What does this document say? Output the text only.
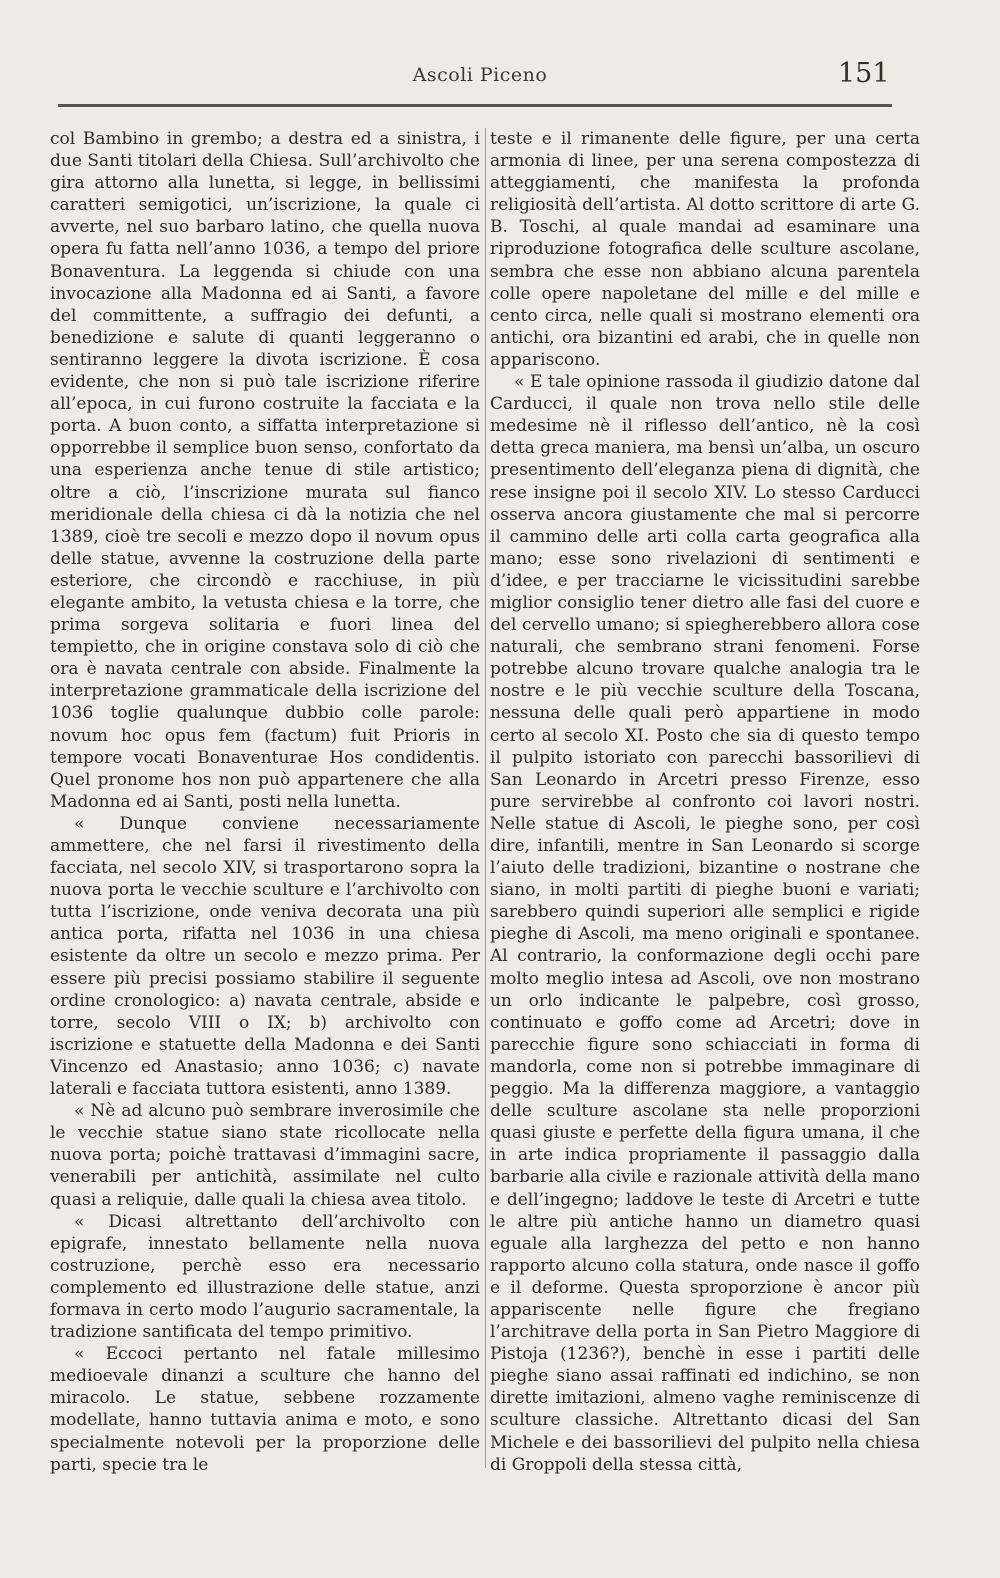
Ascoli Piceno	151

col Bambino in grembo; a destra ed a sinistra, i due Santi titolari della Chiesa. Sull’archivolto che gira attorno alla lunetta, si legge, in bellissimi caratteri semigotici, un’iscrizione, la quale ci avverte, nel suo barbaro latino, che quella nuova opera fu fatta nell’anno 1036, a tempo del priore Bonaventura. La leggenda si chiude con una invocazione alla Madonna ed ai Santi, a favore del committente, a suffragio dei defunti, a benedizione e salute di quanti leggeranno o sentiranno leggere la divota iscrizione. È cosa evidente, che non si può tale iscrizione riferire all’epoca, in cui furono costruite la facciata e la porta. A buon conto, a siffatta interpretazione si opporrebbe il semplice buon senso, confortato da una esperienza anche tenue di stile artistico; oltre a ciò, l’inscrizione murata sul fianco meridionale della chiesa ci dà la notizia che nel 1389, cioè tre secoli e mezzo dopo il novum opus delle statue, avvenne la costruzione della parte esteriore, che circondò e racchiuse, in più elegante ambito, la vetusta chiesa e la torre, che prima sorgeva solitaria e fuori linea del tempietto, che in origine constava solo di ciò che ora è navata centrale con abside. Finalmente la interpretazione grammaticale della iscrizione del 1036 toglie qualunque dubbio colle parole: novum hoc opus fem (factum) fuit Prioris in tempore vocati Bonaventurae Hos condidentis. Quel pronome hos non può appartenere che alla Madonna ed ai Santi, posti nella lunetta.

« Dunque conviene necessariamente ammettere, che nel farsi il rivestimento della facciata, nel secolo XIV, si trasportarono sopra la nuova porta le vecchie sculture e l’archivolto con tutta l’iscrizione, onde veniva decorata una più antica porta, rifatta nel 1036 in una chiesa esistente da oltre un secolo e mezzo prima. Per essere più precisi possiamo stabilire il seguente ordine cronologico: a) navata centrale, abside e torre, secolo VIII o IX; b) archivolto con iscrizione e statuette della Madonna e dei Santi Vincenzo ed Anastasio; anno 1036; c) navate laterali e facciata tuttora esistenti, anno 1389.

« Nè ad alcuno può sembrare inverosimile che le vecchie statue siano state ricollocate nella nuova porta; poichè trattavasi d’immagini sacre, venerabili per antichità, assimilate nel culto quasi a reliquie, dalle quali la chiesa avea titolo.

« Dicasi altrettanto dell’archivolto con epigrafe, innestato bellamente nella nuova costruzione, perchè esso era necessario complemento ed illustrazione delle statue, anzi formava in certo modo l’augurio sacramentale, la tradizione santificata del tempo primitivo.

« Eccoci pertanto nel fatale millesimo medioevale dinanzi a sculture che hanno del miracolo. Le statue, sebbene rozzamente modellate, hanno tuttavia anima e moto, e sono specialmente notevoli per la proporzione delle parti, specie tra le

teste e il rimanente delle figure, per una certa armonia di linee, per una serena compostezza di atteggiamenti, che manifesta la profonda religiosità dell’artista. Al dotto scrittore di arte G. B. Toschi, al quale mandai ad esaminare una riproduzione fotografica delle sculture ascolane, sembra che esse non abbiano alcuna parentela colle opere napoletane del mille e del mille e cento circa, nelle quali si mostrano elementi ora antichi, ora bizantini ed arabi, che in quelle non appariscono.

« E tale opinione rassoda il giudizio datone dal Carducci, il quale non trova nello stile delle medesime nè il riflesso dell’antico, nè la così detta greca maniera, ma bensì un’alba, un oscuro presentimento dell’eleganza piena di dignità, che rese insigne poi il secolo XIV. Lo stesso Carducci osserva ancora giustamente che mal si percorre il cammino delle arti colla carta geografica alla mano; esse sono rivelazioni di sentimenti e d’idee, e per tracciarne le vicissitudini sarebbe miglior consiglio tener dietro alle fasi del cuore e del cervello umano; si spiegherebbero allora cose naturali, che sembrano strani fenomeni. Forse potrebbe alcuno trovare qualche analogia tra le nostre e le più vecchie sculture della Toscana, nessuna delle quali però appartiene in modo certo al secolo XI. Posto che sia di questo tempo il pulpito istoriato con parecchi bassorilievi di San Leonardo in Arcetri presso Firenze, esso pure servirebbe al confronto coi lavori nostri. Nelle statue di Ascoli, le pieghe sono, per così dire, infantili, mentre in San Leonardo si scorge l’aiuto delle tradizioni, bizantine o nostrane che siano, in molti partiti di pieghe buoni e variati; sarebbero quindi superiori alle semplici e rigide pieghe di Ascoli, ma meno originali e spontanee. Al contrario, la conformazione degli occhi pare molto meglio intesa ad Ascoli, ove non mostrano un orlo indicante le palpebre, così grosso, continuato e goffo come ad Arcetri; dove in parecchie figure sono schiacciati in forma di mandorla, come non si potrebbe immaginare di peggio. Ma la differenza maggiore, a vantaggio delle sculture ascolane sta nelle proporzioni quasi giuste e perfette della figura umana, il che in arte indica propriamente il passaggio dalla barbarie alla civile e razionale attività della mano e dell’ingegno; laddove le teste di Arcetri e tutte le altre più antiche hanno un diametro quasi eguale alla larghezza del petto e non hanno rapporto alcuno colla statura, onde nasce il goffo e il deforme. Questa sproporzione è ancor più appariscente nelle figure che fregiano l’architrave della porta in San Pietro Maggiore di Pistoja (1236?), benchè in esse i partiti delle pieghe siano assai raffinati ed indichino, se non dirette imitazioni, almeno vaghe reminiscenze di sculture classiche. Altrettanto dicasi del San Michele e dei bassorilievi del pulpito nella chiesa di Groppoli della stessa città,
